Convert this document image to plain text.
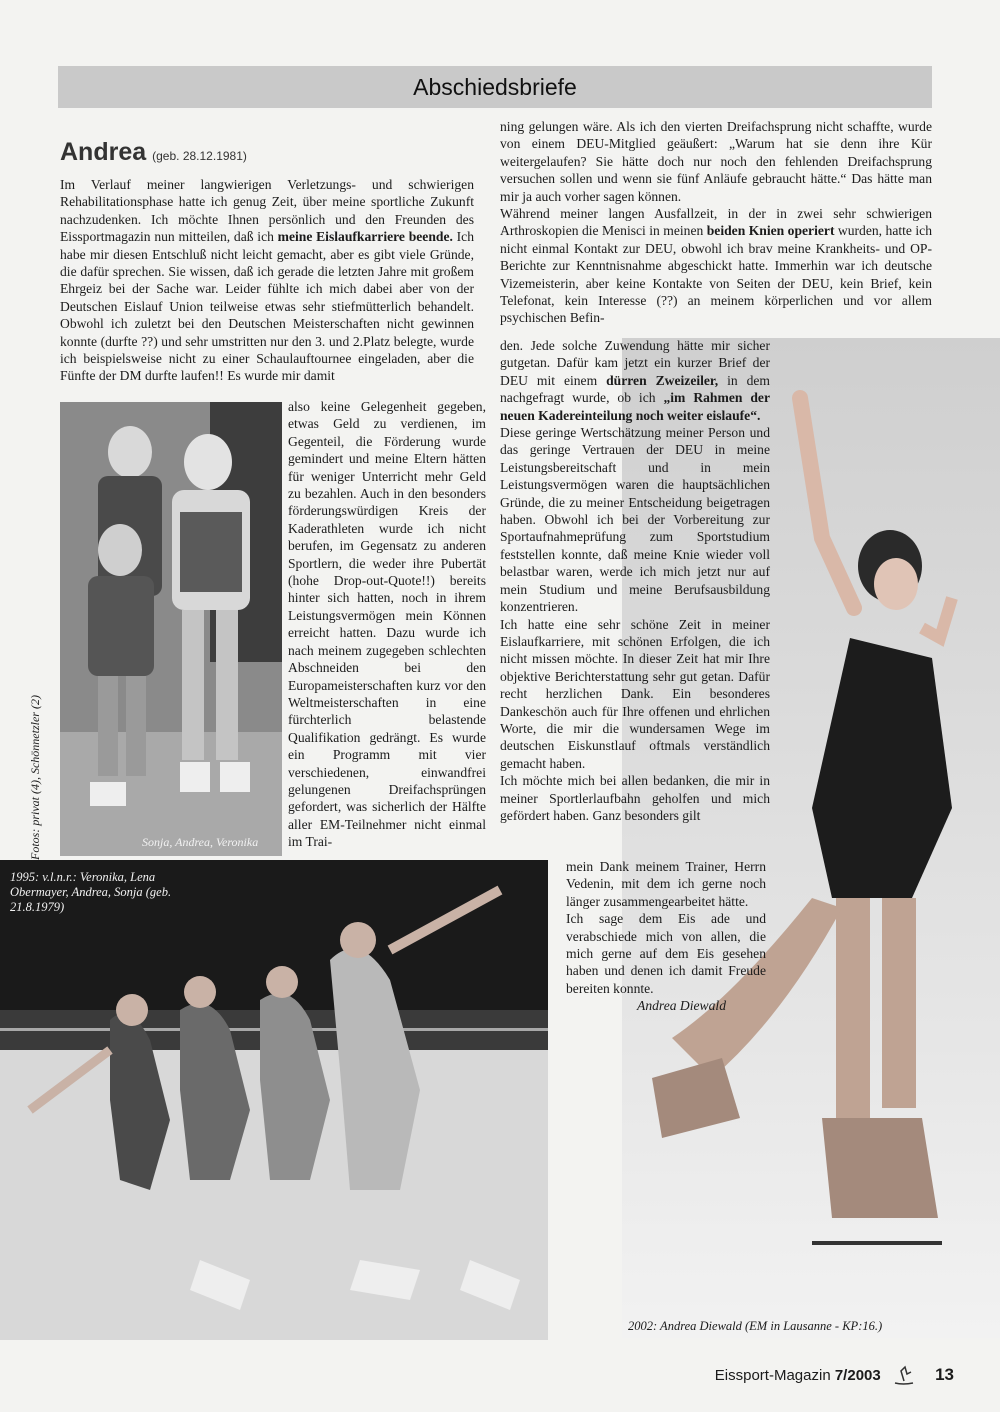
Abschiedsbriefe
Andrea (geb. 28.12.1981)

Im Verlauf meiner langwierigen Verletzungs- und schwierigen Rehabilitationsphase hatte ich genug Zeit, über meine sportliche Zukunft nachzudenken. Ich möchte Ihnen persönlich und den Freunden des Eissportmagazin nun mitteilen, daß ich meine Eislaufkarriere beende. Ich habe mir diesen Entschluß nicht leicht gemacht, aber es gibt viele Gründe, die dafür sprechen. Sie wissen, daß ich gerade die letzten Jahre mit großem Ehrgeiz bei der Sache war. Leider fühlte ich mich dabei aber von der Deutschen Eislauf Union teilweise etwas sehr stiefmütterlich behandelt. Obwohl ich zuletzt bei den Deutschen Meisterschaften nicht gewinnen konnte (durfte ??) und sehr umstritten nur den 3. und 2.Platz belegte, wurde ich beispielsweise nicht zu einer Schaulauftournee eingeladen, aber die Fünfte der DM durfte laufen!! Es wurde mir damit

Sonja, Andrea, Veronika
Fotos: privat (4), Schönnetzler (2)

also keine Gelegenheit gegeben, etwas Geld zu verdienen, im Gegenteil, die Förderung wurde gemindert und meine Eltern hätten für weniger Unterricht mehr Geld zu bezahlen. Auch in den besonders förderungswürdigen Kreis der Kaderathleten wurde ich nicht berufen, im Gegensatz zu anderen Sportlern, die weder ihre Pubertät (hohe Drop-out-Quote!!) bereits hinter sich hatten, noch in ihrem Leistungsvermögen mein Können erreicht hatten. Dazu wurde ich nach meinem zugegeben schlechten Abschneiden bei den Europameisterschaften kurz vor den Weltmeisterschaften in eine fürchterlich belastende Qualifikation gedrängt. Es wurde ein Programm mit vier verschiedenen, einwandfrei gelungenen Dreifachsprüngen gefordert, was sicherlich der Hälfte aller EM-Teilnehmer nicht einmal im Trai-

ning gelungen wäre. Als ich den vierten Dreifachsprung nicht schaffte, wurde von einem DEU-Mitglied geäußert: „Warum hat sie denn ihre Kür weitergelaufen? Sie hätte doch nur noch den fehlenden Dreifachsprung versuchen sollen und wenn sie fünf Anläufe gebraucht hätte.“ Das hätte man mir ja auch vorher sagen können.

Während meiner langen Ausfallzeit, in der in zwei sehr schwierigen Arthroskopien die Menisci in meinen beiden Knien operiert wurden, hatte ich nicht einmal Kontakt zur DEU, obwohl ich brav meine Krankheits- und OP-Berichte zur Kenntnisnahme abgeschickt hatte. Immerhin war ich deutsche Vizemeisterin, aber keine Kontakte von Seiten der DEU, kein Brief, kein Telefonat, kein Interesse (??) an meinem körperlichen und vor allem psychischen Befin-

2002: Andrea Diewald (EM in Lausanne - KP:16.)

den. Jede solche Zuwendung hätte mir sicher gutgetan. Dafür kam jetzt ein kurzer Brief der DEU mit einem dürren Zweizeiler, in dem nachgefragt wurde, ob ich „im Rahmen der neuen Kadereinteilung noch weiter eislaufe“.

Diese geringe Wertschätzung meiner Person und das geringe Vertrauen der DEU in meine Leistungsbereitschaft und in mein Leistungsvermögen waren die hauptsächlichen Gründe, die zu meiner Entscheidung beigetragen haben. Obwohl ich bei der Vorbereitung zur Sportaufnahmeprüfung zum Sportstudium feststellen konnte, daß meine Knie wieder voll belastbar waren, werde ich mich jetzt nur auf mein Studium und meine Berufsausbildung konzentrieren.

Ich hatte eine sehr schöne Zeit in meiner Eislaufkarriere, mit schönen Erfolgen, die ich nicht missen möchte. In dieser Zeit hat mir Ihre objektive Berichterstattung sehr gut getan. Dafür recht herzlichen Dank. Ein besonderes Dankeschön auch für Ihre offenen und ehrlichen Worte, die mir die wundersamen Wege im deutschen Eiskunstlauf oftmals verständlich gemacht haben.

Ich möchte mich bei allen bedanken, die mir in meiner Sportlerlaufbahn geholfen und mich gefördert haben. Ganz besonders gilt

mein Dank meinem Trainer, Herrn Vedenin, mit dem ich gerne noch länger zusammengearbeitet hätte.

Ich sage dem Eis ade und verabschiede mich von allen, die mich gerne auf dem Eis gesehen haben und denen ich damit Freude bereiten konnte.

Andrea Diewald

1995: v.l.n.r.: Veronika, Lena Obermayer, Andrea, Sonja (geb. 21.8.1979)
Eissport-Magazin 7/2003	13
